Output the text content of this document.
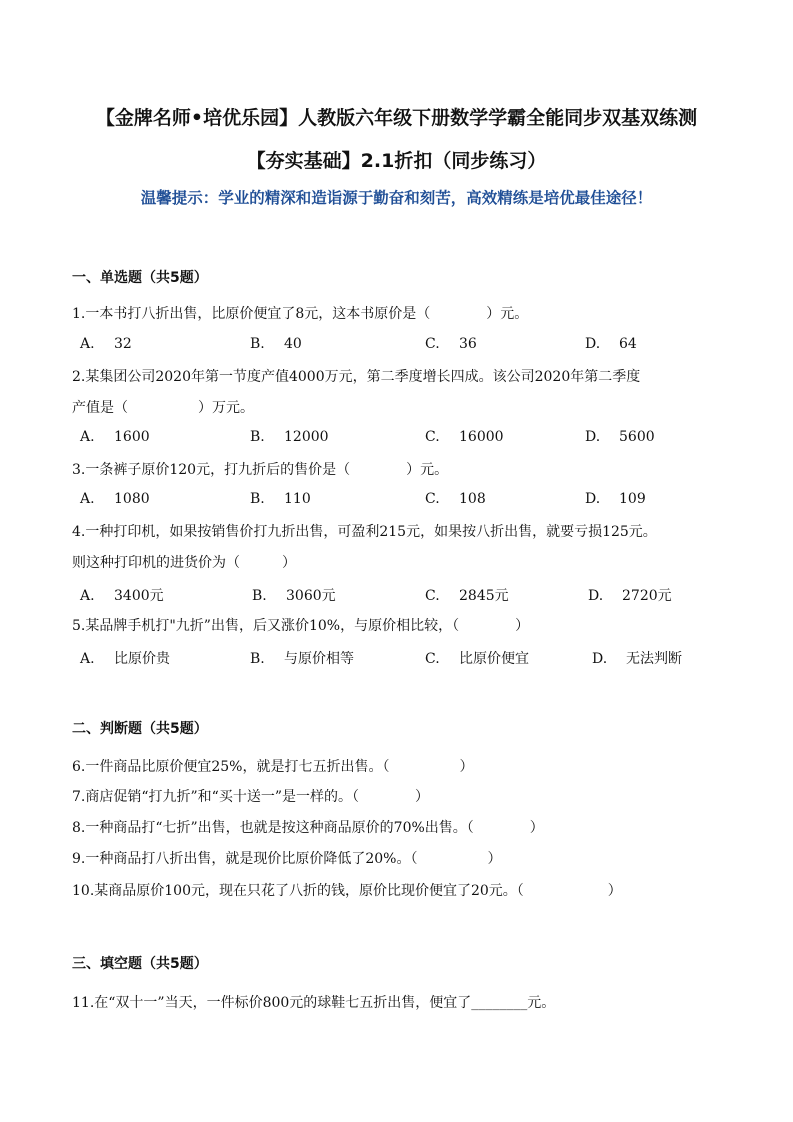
【金牌名师•培优乐园】人教版六年级下册数学学霸全能同步双基双练测
【夯实基础】2.1折扣（同步练习）
温馨提示：学业的精深和造诣源于勤奋和刻苦，高效精练是培优最佳途径！
一、单选题（共5题）
1.一本书打八折出售，比原价便宜了8元，这本书原价是（　　　　）元。
A. 32	B. 40	C. 36	D. 64
2.某集团公司2020年第一节度产值4000万元，第二季度增长四成。该公司2020年第二季度
产值是（　　　　　）万元。
A. 1600	B. 12000	C. 16000	D. 5600
3.一条裤子原价120元，打九折后的售价是（　　　　）元。
A. 1080	B. 110	C. 108	D. 109
4.一种打印机，如果按销售价打九折出售，可盈利215元，如果按八折出售，就要亏损125元。
则这种打印机的进货价为（　　　）
A. 3400元	B. 3060元	C. 2845元	D. 2720元
5.某品牌手机打"九折”出售，后又涨价10%，与原价相比较，（　　　　）
A. 比原价贵	B. 与原价相等	C. 比原价便宜	D. 无法判断
二、判断题（共5题）
6.一件商品比原价便宜25%，就是打七五折出售。（　　　　　）
7.商店促销“打九折”和“买十送一”是一样的。（　　　　）
8.一种商品打“七折”出售，也就是按这种商品原价的70%出售。（　　　　）
9.一种商品打八折出售，就是现价比原价降低了20%。（　　　　　）
10.某商品原价100元，现在只花了八折的钱，原价比现价便宜了20元。（　　　　　　）
三、填空题（共5题）
11.在“双十一”当天，一件标价800元的球鞋七五折出售，便宜了________元。
